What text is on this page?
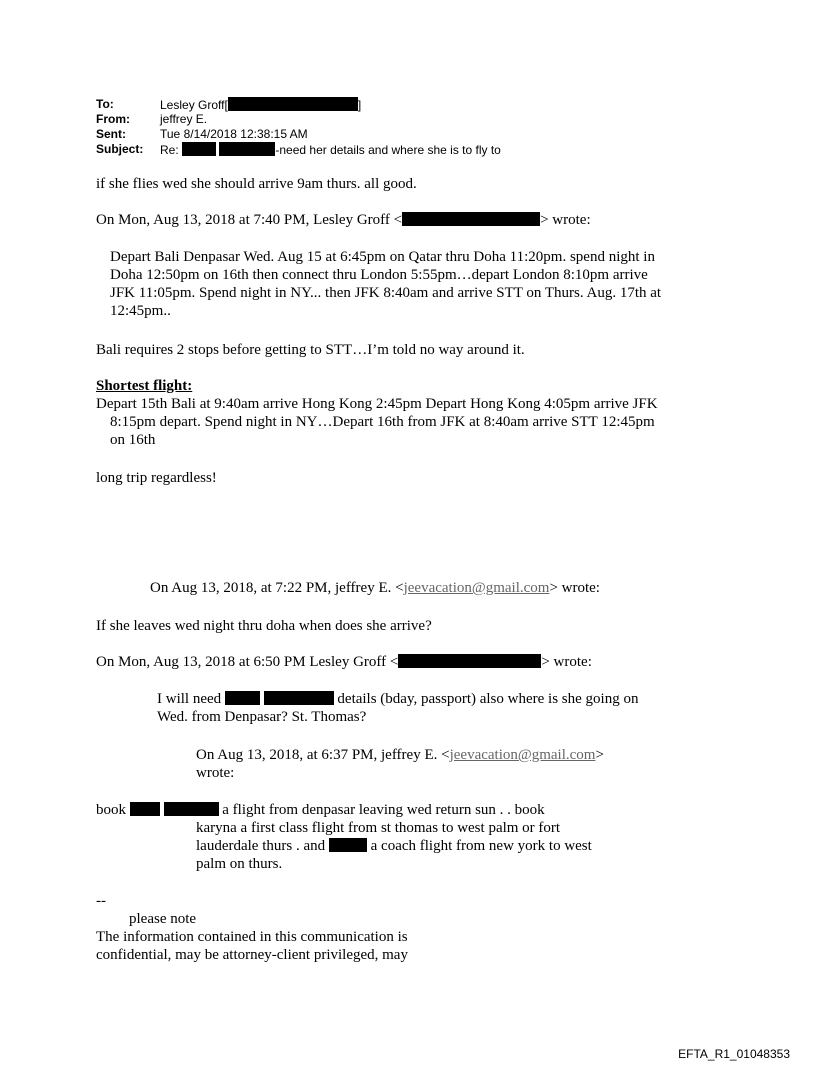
To:	Lesley Groff[	]
From:	jeffrey E.
Sent:	Tue 8/14/2018 12:38:15 AM
Subject: Re:	-need her details and where she is to fly to
if she flies wed she should arrive 9am thurs. all good.
On Mon, Aug 13, 2018 at 7:40 PM, Lesley Groff <	> wrote:
Depart Bali Denpasar Wed. Aug 15 at 6:45pm on Qatar thru Doha 11:20pm. spend night in
Doha 12:50pm on 16th then connect thru London 5:55pm…depart London 8:10pm arrive
JFK 11:05pm. Spend night in NY... then JFK 8:40am and arrive STT on Thurs. Aug. 17th at
12:45pm..
Bali requires 2 stops before getting to STT…I’m told no way around it.
Shortest flight:
Depart 15th Bali at 9:40am arrive Hong Kong 2:45pm Depart Hong Kong 4:05pm arrive JFK
8:15pm depart. Spend night in NY…Depart 16th from JFK at 8:40am arrive STT 12:45pm
on 16th
long trip regardless!
On Aug 13, 2018, at 7:22 PM, jeffrey E. <jeevacation@gmail.com> wrote:
If she leaves wed night thru doha when does she arrive?
On Mon, Aug 13, 2018 at 6:50 PM Lesley Groff <	> wrote:
I will need	details (bday, passport) also where is she going on
Wed. from Denpasar? St. Thomas?
On Aug 13, 2018, at 6:37 PM, jeffrey E. <jeevacation@gmail.com>
wrote:
book	a flight from denpasar leaving wed return sun . . book
karyna a first class flight from st thomas to west palm or fort
lauderdale thurs . and	a coach flight from new york to west
palm on thurs.
--
please note
The information contained in this communication is
confidential, may be attorney-client privileged, may
EFTA_R1_01048353
